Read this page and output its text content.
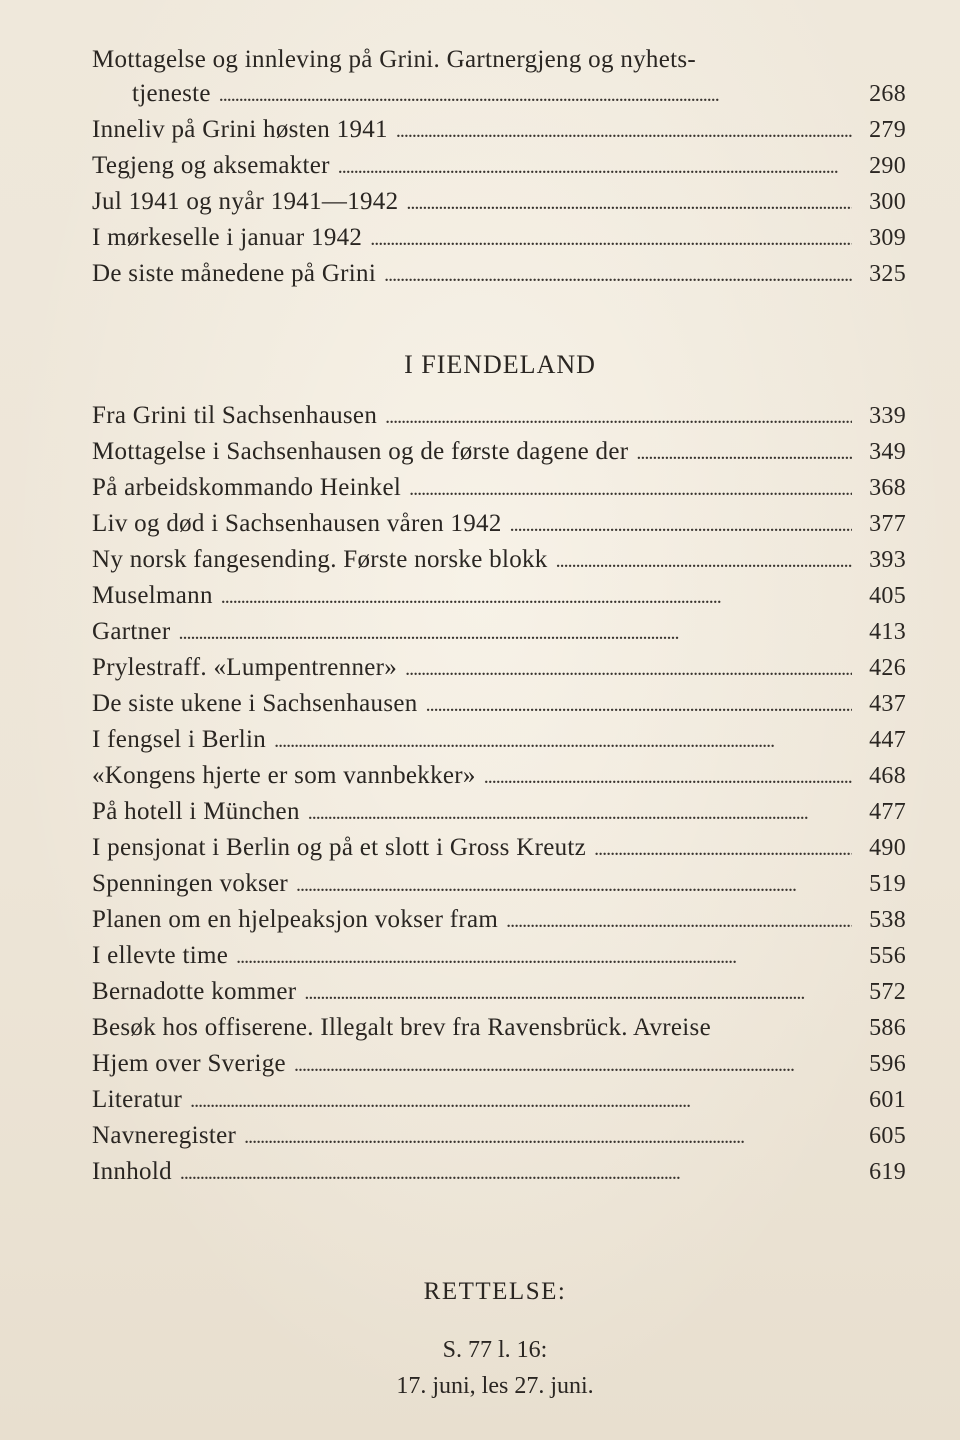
Mottagelse og innleving på Grini. Gartnergjeng og nyhets-
tjeneste . . .	268
Inneliv på Grini høsten 1941 . . .	279
Tegjeng og aksemakter . . .	290
Jul 1941 og nyår 1941—1942 . . .	300
I mørkeselle i januar 1942 . . .	309
De siste månedene på Grini . . .	325
I FIENDELAND
Fra Grini til Sachsenhausen . . .	339
Mottagelse i Sachsenhausen og de første dagene der . . .	349
På arbeidskommando Heinkel . . .	368
Liv og død i Sachsenhausen våren 1942 . . .	377
Ny norsk fangesending. Første norske blokk . . .	393
Muselmann . . .	405
Gartner . . .	413
Prylestraff. «Lumpentrenner» . . .	426
De siste ukene i Sachsenhausen . . .	437
I fengsel i Berlin . . .	447
«Kongens hjerte er som vannbekker» . . .	468
På hotell i München . . .	477
I pensjonat i Berlin og på et slott i Gross Kreutz . . .	490
Spenningen vokser . . .	519
Planen om en hjelpeaksjon vokser fram . . .	538
I ellevte time . . .	556
Bernadotte kommer . . .	572
Besøk hos offiserene. Illegalt brev fra Ravensbrück. Avreise	586
Hjem over Sverige . . .	596
Literatur . . .	601
Navneregister . . .	605
Innhold . . .	619
RETTELSE:
S. 77 l. 16:
17. juni, les 27. juni.
